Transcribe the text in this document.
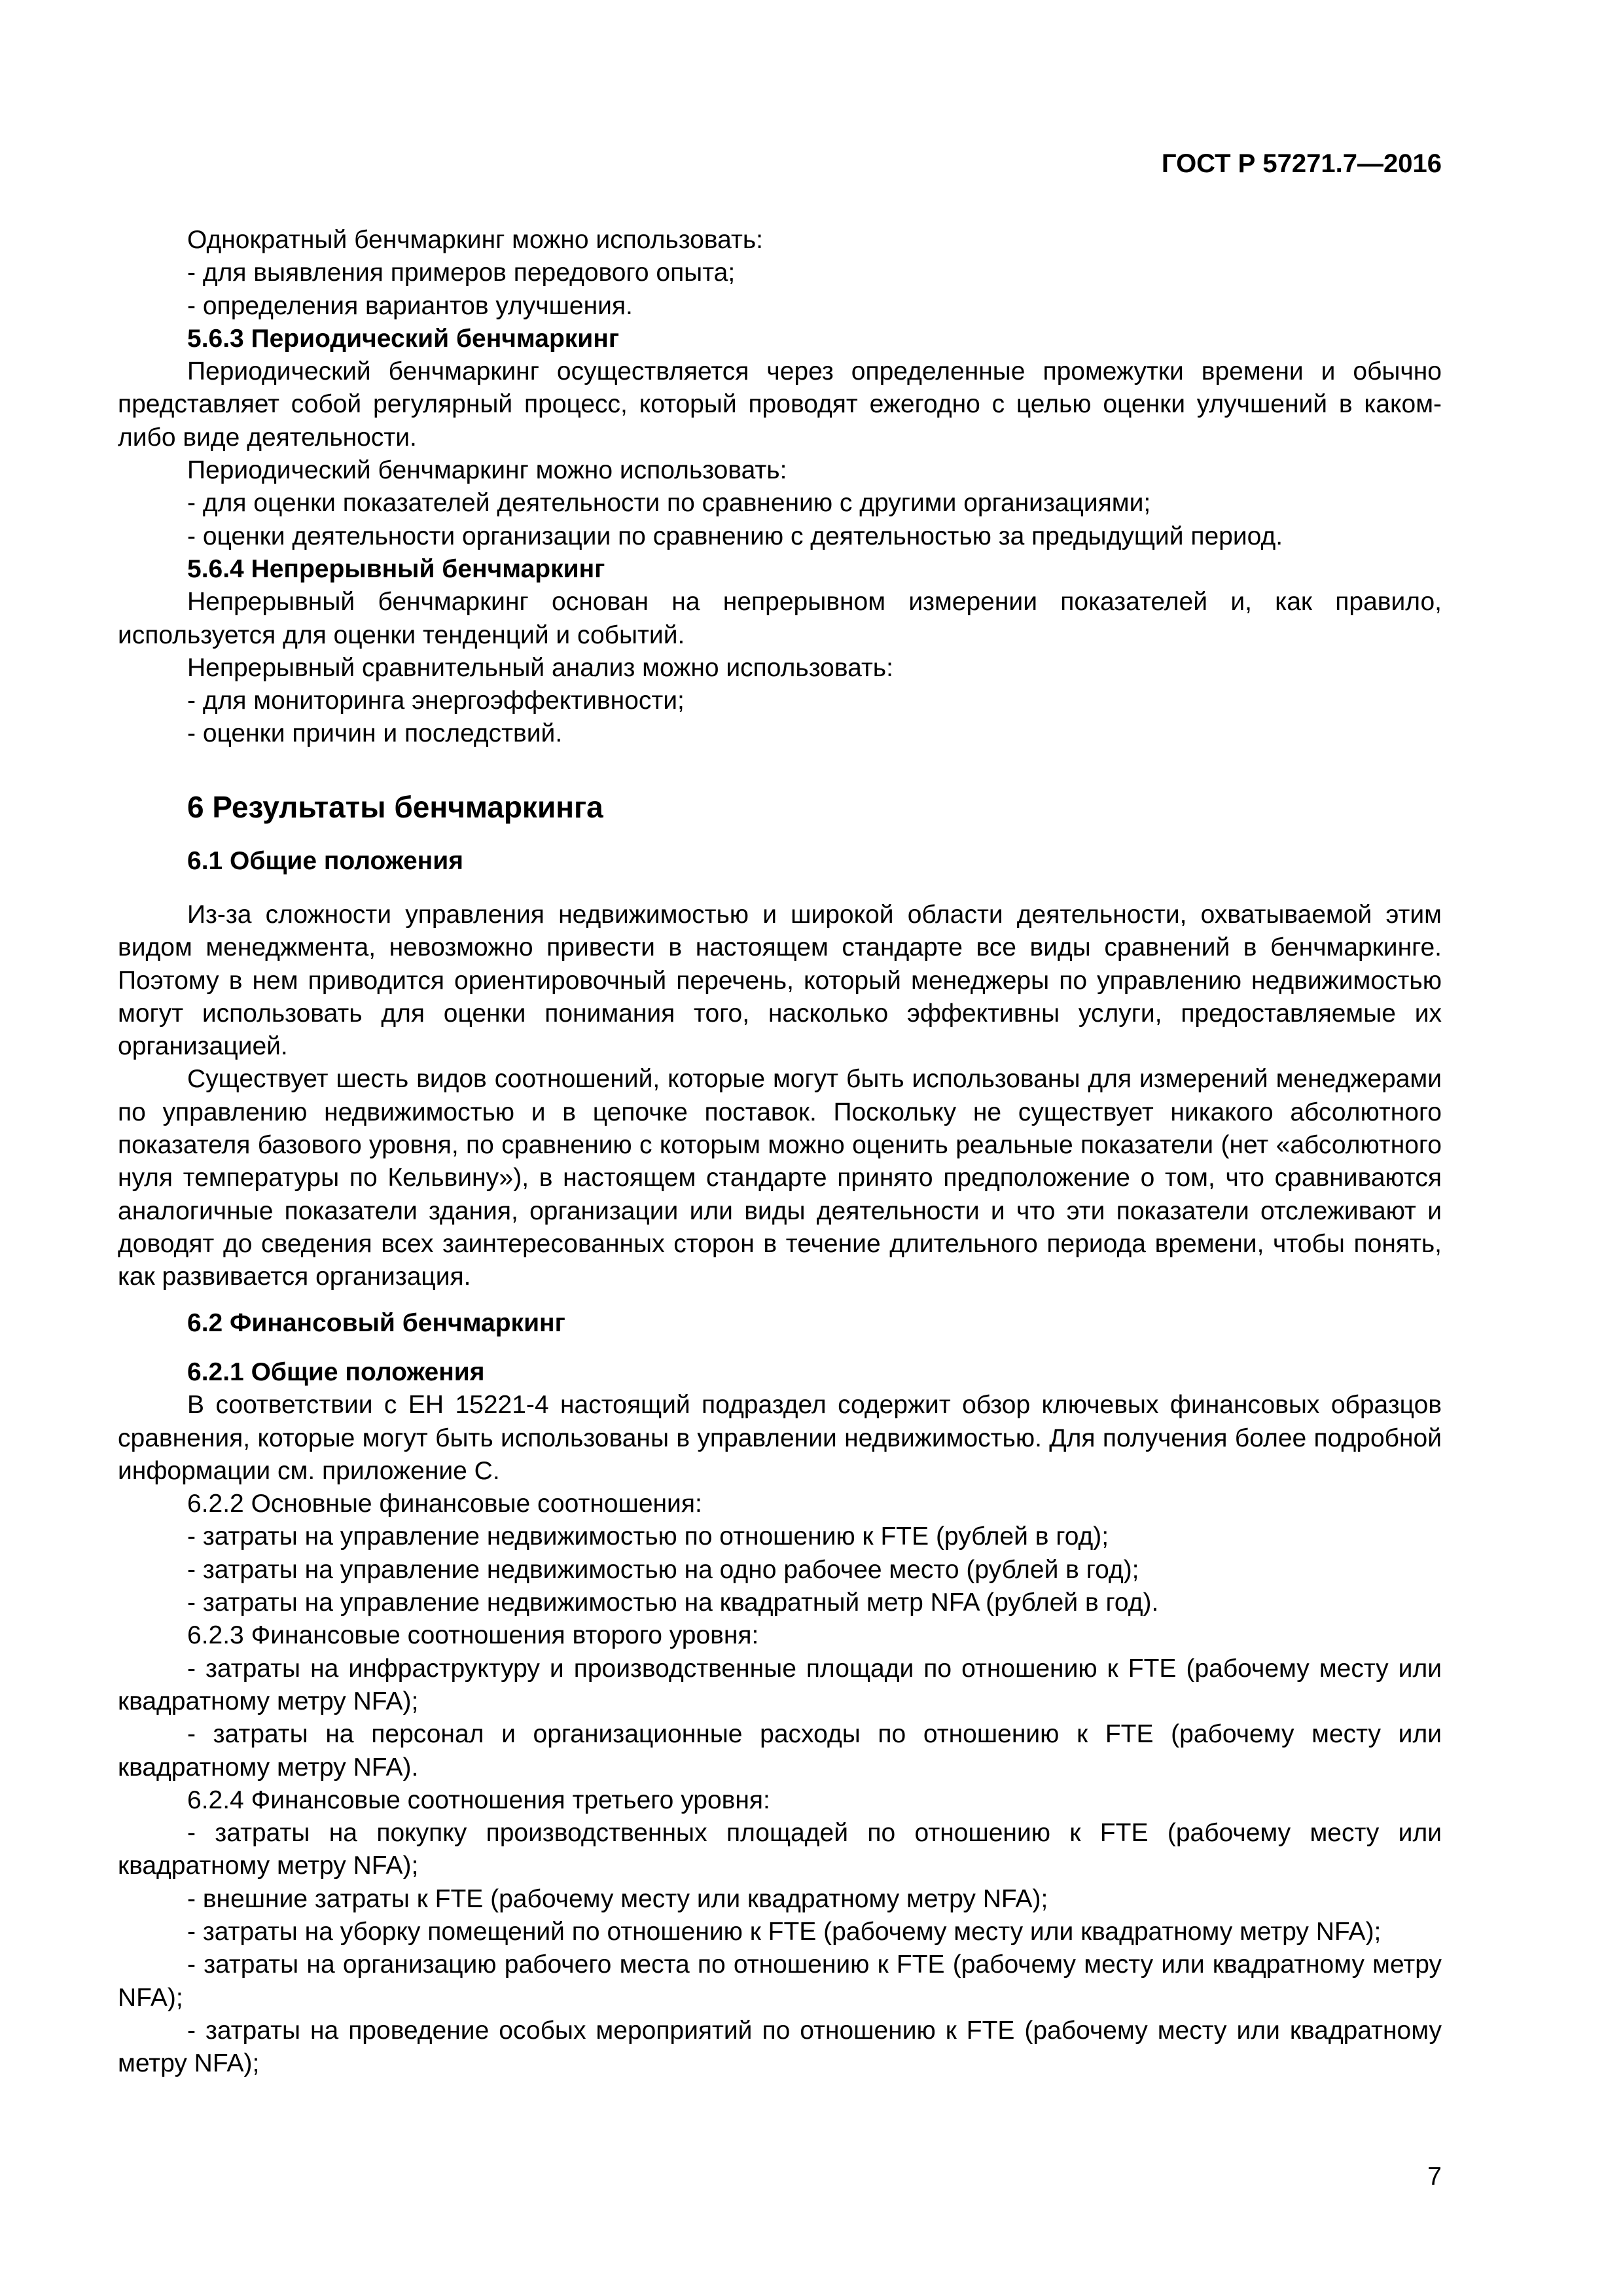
ГОСТ Р 57271.7—2016

Однократный бенчмаркинг можно использовать:

- для выявления примеров передового опыта;

- определения вариантов улучшения.

5.6.3 Периодический бенчмаркинг

Периодический бенчмаркинг осуществляется через определенные промежутки времени и обычно представляет собой регулярный процесс, который проводят ежегодно с целью оценки улучшений в каком-либо виде деятельности.

Периодический бенчмаркинг можно использовать:

- для оценки показателей деятельности по сравнению с другими организациями;

- оценки деятельности организации по сравнению с деятельностью за предыдущий период.

5.6.4 Непрерывный бенчмаркинг

Непрерывный бенчмаркинг основан на непрерывном измерении показателей и, как правило, используется для оценки тенденций и событий.

Непрерывный сравнительный анализ можно использовать:

- для мониторинга энергоэффективности;

- оценки причин и последствий.

6 Результаты бенчмаркинга
6.1 Общие положения

Из-за сложности управления недвижимостью и широкой области деятельности, охватываемой этим видом менеджмента, невозможно привести в настоящем стандарте все виды сравнений в бенчмаркинге. Поэтому в нем приводится ориентировочный перечень, который менеджеры по управлению недвижимостью могут использовать для оценки понимания того, насколько эффективны услуги, предоставляемые их организацией.

Существует шесть видов соотношений, которые могут быть использованы для измерений менеджерами по управлению недвижимостью и в цепочке поставок. Поскольку не существует никакого абсолютного показателя базового уровня, по сравнению с которым можно оценить реальные показатели (нет «абсолютного нуля температуры по Кельвину»), в настоящем стандарте принято предположение о том, что сравниваются аналогичные показатели здания, организации или виды деятельности и что эти показатели отслеживают и доводят до сведения всех заинтересованных сторон в течение длительного периода времени, чтобы понять, как развивается организация.

6.2 Финансовый бенчмаркинг

6.2.1 Общие положения

В соответствии с ЕН 15221-4 настоящий подраздел содержит обзор ключевых финансовых образцов сравнения, которые могут быть использованы в управлении недвижимостью. Для получения более подробной информации см. приложение С.

6.2.2 Основные финансовые соотношения:

- затраты на управление недвижимостью по отношению к FTE (рублей в год);

- затраты на управление недвижимостью на одно рабочее место (рублей в год);

- затраты на управление недвижимостью на квадратный метр NFA (рублей в год).

6.2.3 Финансовые соотношения второго уровня:

- затраты на инфраструктуру и производственные площади по отношению к FTE (рабочему месту или квадратному метру NFA);

- затраты на персонал и организационные расходы по отношению к FTE (рабочему месту или квадратному метру NFA).

6.2.4 Финансовые соотношения третьего уровня:

- затраты на покупку производственных площадей по отношению к FTE (рабочему месту или квадратному метру NFA);

- внешние затраты к FTE (рабочему месту или квадратному метру NFA);

- затраты на уборку помещений по отношению к FTE (рабочему месту или квадратному метру NFA);

- затраты на организацию рабочего места по отношению к FTE (рабочему месту или квадратному метру NFA);

- затраты на проведение особых мероприятий по отношению к FTE (рабочему месту или квадратному метру NFA);

7
